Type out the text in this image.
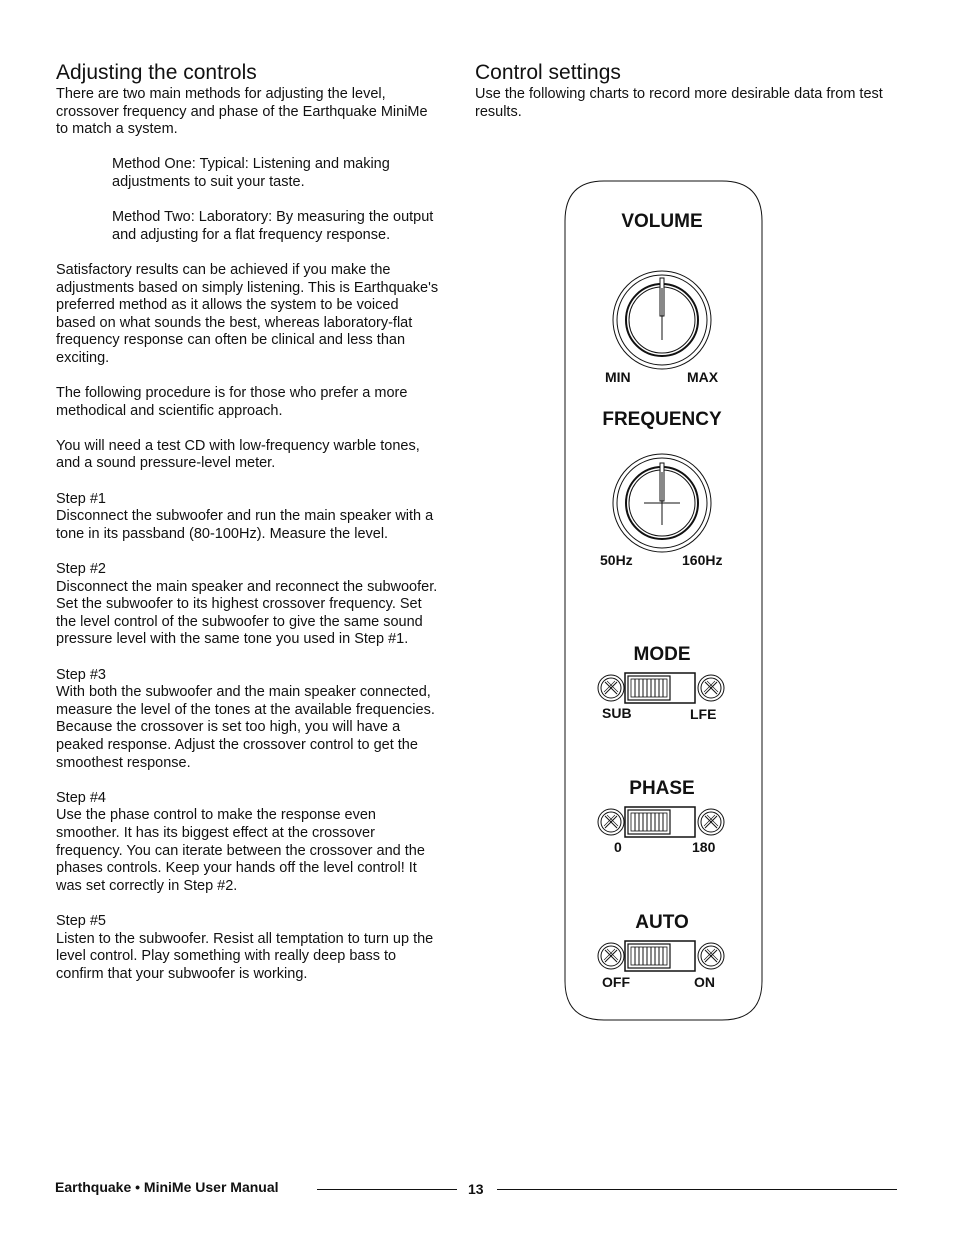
Adjusting the controls

There are two main methods for adjusting the level, crossover frequency and phase of the Earthquake MiniMe to match a system.

Method One: Typical: Listening and making adjustments to suit your taste.

Method Two: Laboratory: By measuring the output and adjusting for a flat frequency response.

Satisfactory results can be achieved if you make the adjustments based on simply listening. This is Earthquake's preferred method as it allows the system to be voiced based on what sounds the best, whereas laboratory-flat frequency response can often be clinical and less than exciting.

The following procedure is for those who prefer a more methodical and scientific approach.

You will need a test CD with low-frequency warble tones, and a sound pressure-level meter.

Step #1

Disconnect the subwoofer and run the main speaker with a tone in its passband (80-100Hz). Measure the level.

Step #2

Disconnect the main speaker and reconnect the subwoofer. Set the subwoofer to its highest crossover frequency. Set the level control of the subwoofer to give the same sound pressure level with the same tone you used in Step #1.

Step #3

With both the subwoofer and the main speaker connected, measure the level of the tones at the available frequencies. Because the crossover is set too high, you will have a peaked response. Adjust the crossover control to get the smoothest response.

Step #4

Use the phase control to make the response even smoother. It has its biggest effect at the crossover frequency. You can iterate between the crossover and the phases controls. Keep your hands off the level control! It was set correctly in Step #2.

Step #5

Listen to the subwoofer. Resist all temptation to turn up the level control. Play something with really deep bass to confirm that your subwoofer is working.

Control settings

Use the following charts to record more desirable data from test results.

VOLUME
MIN	MAX
FREQUENCY
50Hz	160Hz
MODE
SUB	LFE
PHASE
0	180
AUTO
OFF	ON
Earthquake • MiniMe User Manual	13
